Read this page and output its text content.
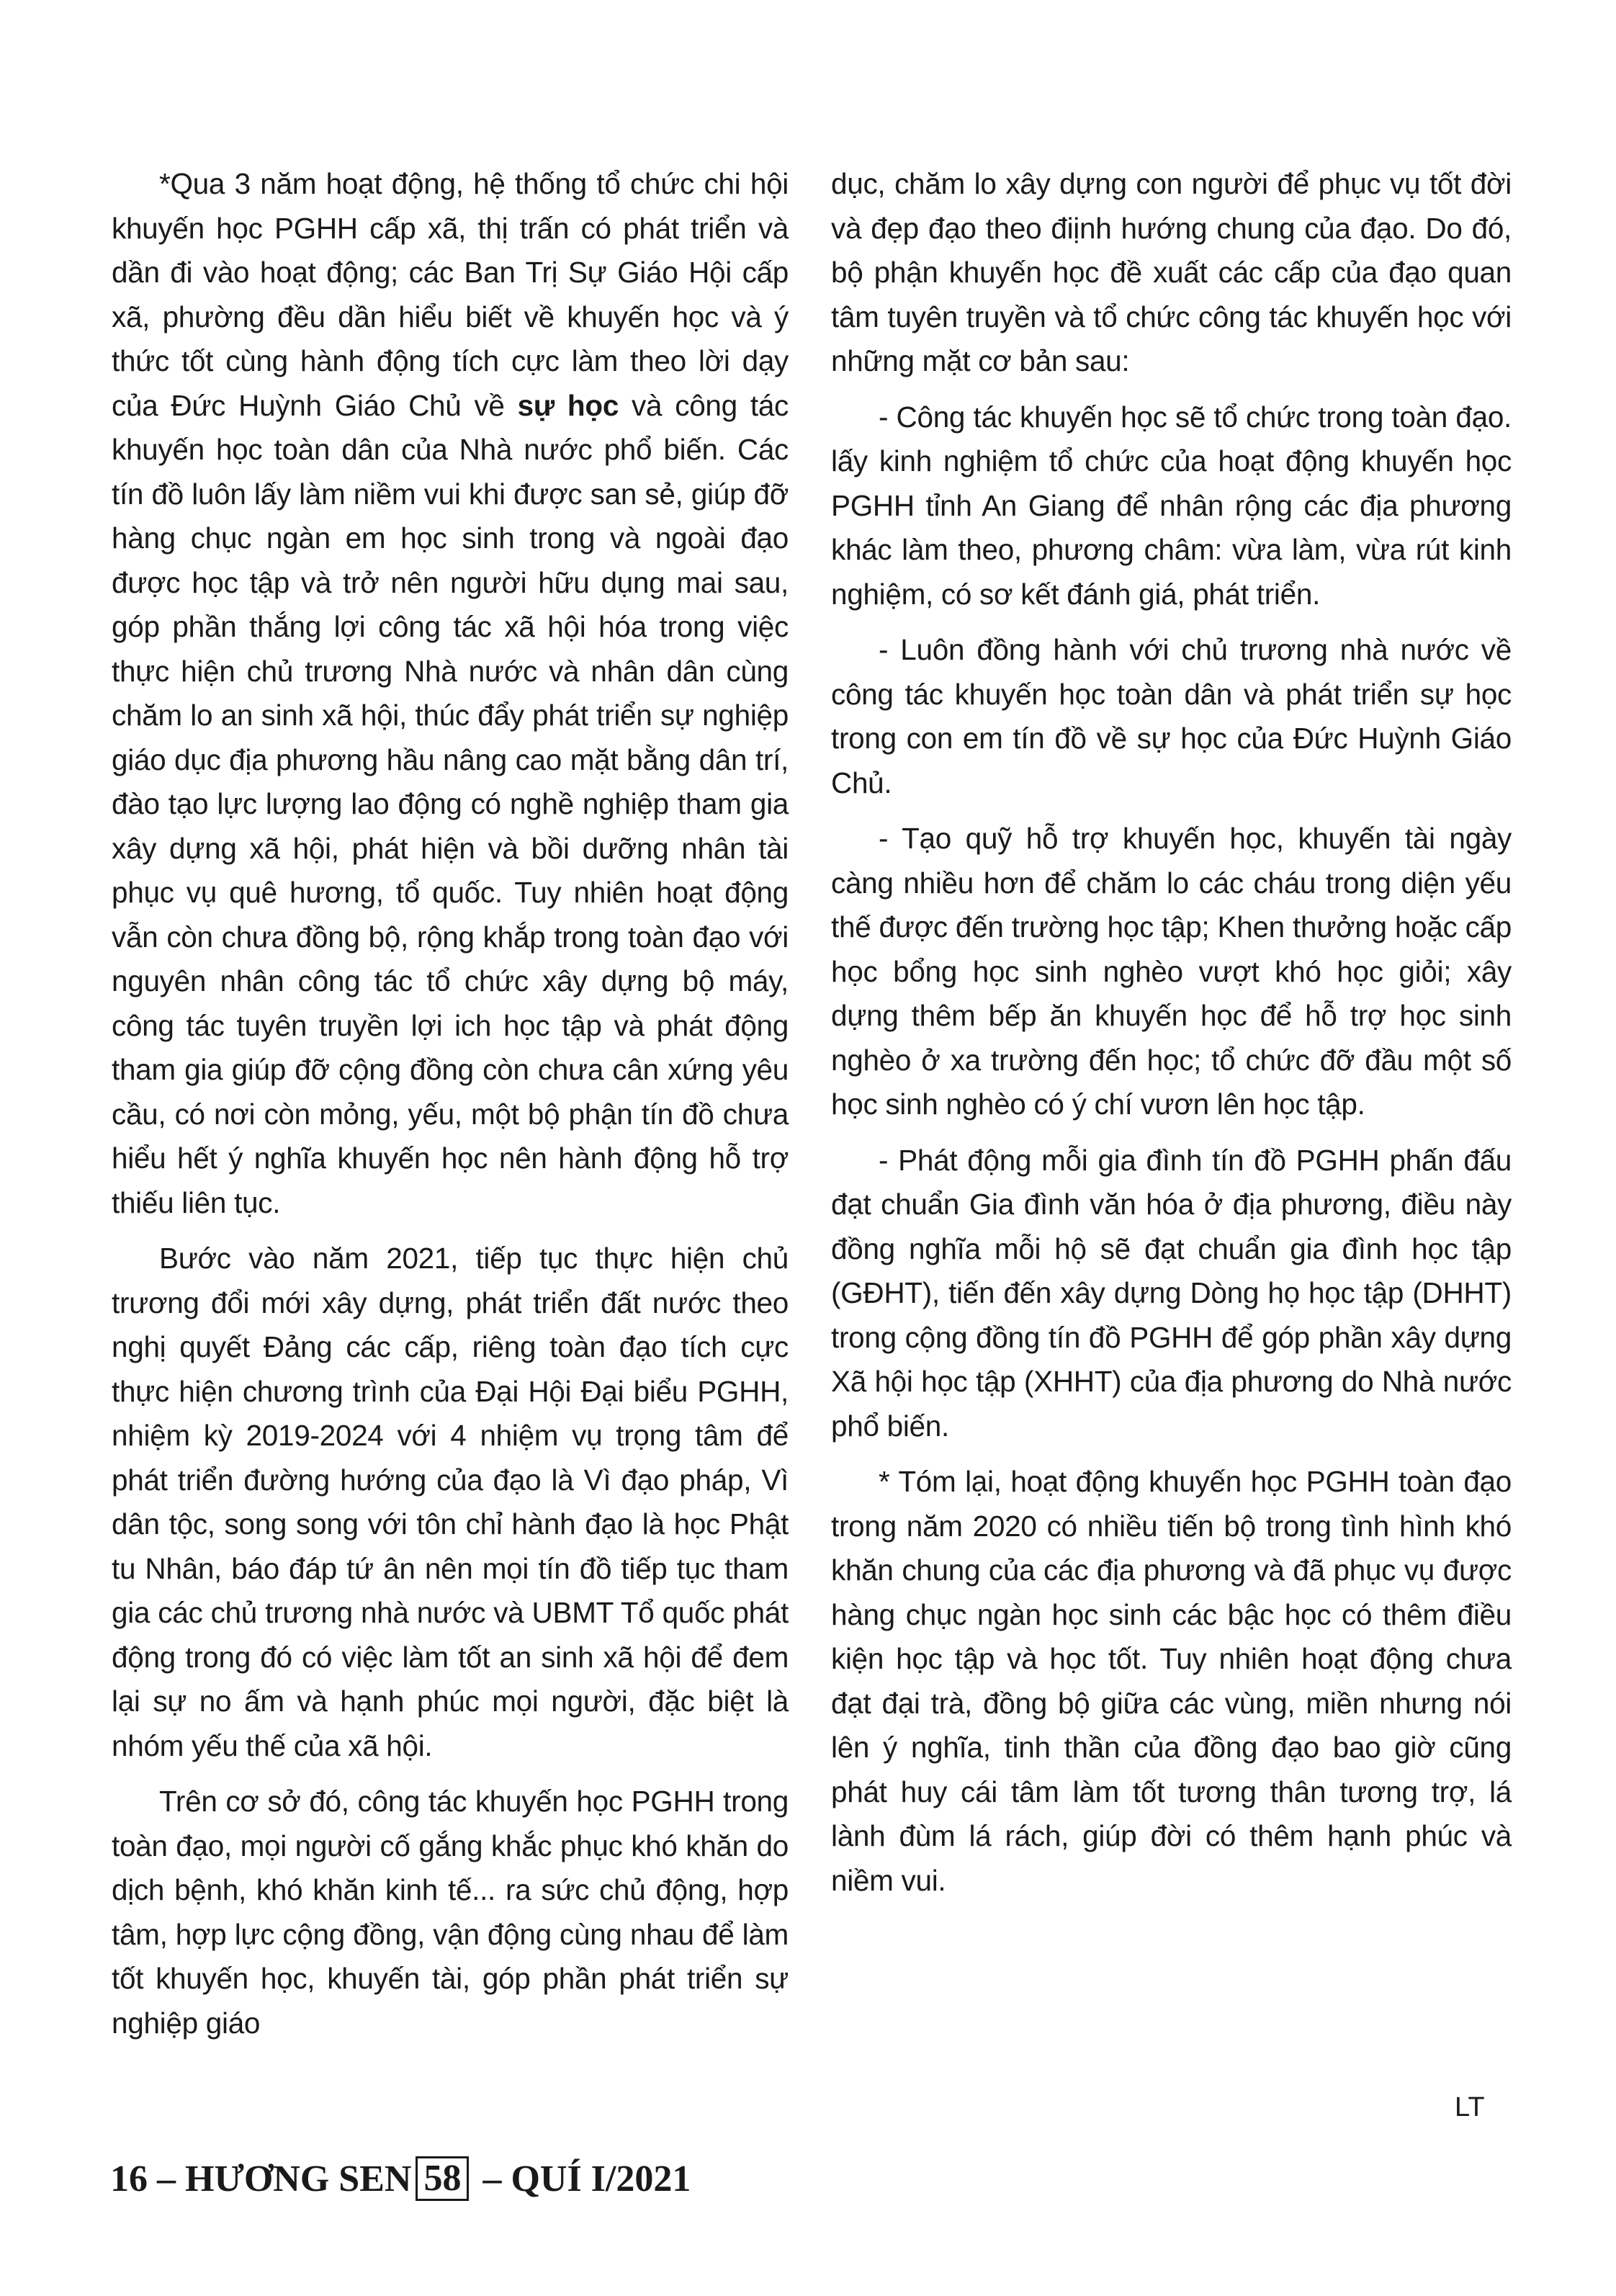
*Qua 3 năm hoạt động, hệ thống tổ chức chi hội khuyến học PGHH cấp xã, thị trấn có phát triển và dần đi vào hoạt động; các Ban Trị Sự Giáo Hội cấp xã, phường đều dần hiểu biết về khuyến học và ý thức tốt cùng hành động tích cực làm theo lời dạy của Đức Huỳnh Giáo Chủ về sự học và công tác khuyến học toàn dân của Nhà nước phổ biến. Các tín đồ luôn lấy làm niềm vui khi được san sẻ, giúp đỡ hàng chục ngàn em học sinh trong và ngoài đạo được học tập và trở nên người hữu dụng mai sau, góp phần thắng lợi công tác xã hội hóa trong việc thực hiện chủ trương Nhà nước và nhân dân cùng chăm lo an sinh xã hội, thúc đẩy phát triển sự nghiệp giáo dục địa phương hầu nâng cao mặt bằng dân trí, đào tạo lực lượng lao động có nghề nghiệp tham gia xây dựng xã hội, phát hiện và bồi dưỡng nhân tài phục vụ quê hương, tổ quốc. Tuy nhiên hoạt động vẫn còn chưa đồng bộ, rộng khắp trong toàn đạo với nguyên nhân công tác tổ chức xây dựng bộ máy, công tác tuyên truyền lợi ich học tập và phát động tham gia giúp đỡ cộng đồng còn chưa cân xứng yêu cầu, có nơi còn mỏng, yếu, một bộ phận tín đồ chưa hiểu hết ý nghĩa khuyến học nên hành động hỗ trợ thiếu liên tục.

Bước vào năm 2021, tiếp tục thực hiện chủ trương đổi mới xây dựng, phát triển đất nước theo nghị quyết Đảng các cấp, riêng toàn đạo tích cực thực hiện chương trình của Đại Hội Đại biểu PGHH, nhiệm kỳ 2019-2024 với 4 nhiệm vụ trọng tâm để phát triển đường hướng của đạo là Vì đạo pháp, Vì dân tộc, song song với tôn chỉ hành đạo là học Phật tu Nhân, báo đáp tứ ân nên mọi tín đồ tiếp tục tham gia các chủ trương nhà nước và UBMT Tổ quốc phát động trong đó có việc làm tốt an sinh xã hội để đem lại sự no ấm và hạnh phúc mọi người, đặc biệt là nhóm yếu thế của xã hội.

Trên cơ sở đó, công tác khuyến học PGHH trong toàn đạo, mọi người cố gắng khắc phục khó khăn do dịch bệnh, khó khăn kinh tế... ra sức chủ động, hợp tâm, hợp lực cộng đồng, vận động cùng nhau để làm tốt khuyến học, khuyến tài, góp phần phát triển sự nghiệp giáo

dục, chăm lo xây dựng con người để phục vụ tốt đời và đẹp đạo theo điịnh hướng chung của đạo. Do đó, bộ phận khuyến học đề xuất các cấp của đạo quan tâm tuyên truyền và tổ chức công tác khuyến học với những mặt cơ bản sau:

- Công tác khuyến học sẽ tổ chức trong toàn đạo. lấy kinh nghiệm tổ chức của hoạt động khuyến học PGHH tỉnh An Giang để nhân rộng các địa phương khác làm theo, phương châm: vừa làm, vừa rút kinh nghiệm, có sơ kết đánh giá, phát triển.

- Luôn đồng hành với chủ trương nhà nước về công tác khuyến học toàn dân và phát triển sự học trong con em tín đồ về sự học của Đức Huỳnh Giáo Chủ.

- Tạo quỹ hỗ trợ khuyến học, khuyến tài ngày càng nhiều hơn để chăm lo các cháu trong diện yếu thế được đến trường học tập; Khen thưởng hoặc cấp học bổng học sinh nghèo vượt khó học giỏi; xây dựng thêm bếp ăn khuyến học để hỗ trợ học sinh nghèo ở xa trường đến học; tổ chức đỡ đầu một số học sinh nghèo có ý chí vươn lên học tập.

- Phát động mỗi gia đình tín đồ PGHH phấn đấu đạt chuẩn Gia đình văn hóa ở địa phương, điều này đồng nghĩa mỗi hộ sẽ đạt chuẩn gia đình học tập (GĐHT), tiến đến xây dựng Dòng họ học tập (DHHT) trong cộng đồng tín đồ PGHH để góp phần xây dựng Xã hội học tập (XHHT) của địa phương do Nhà nước phổ biến.

* Tóm lại, hoạt động khuyến học PGHH toàn đạo trong năm 2020 có nhiều tiến bộ trong tình hình khó khăn chung của các địa phương và đã phục vụ được hàng chục ngàn học sinh các bậc học có thêm điều kiện học tập và học tốt. Tuy nhiên hoạt động chưa đạt đại trà, đồng bộ giữa các vùng, miền nhưng nói lên ý nghĩa, tinh thần của đồng đạo bao giờ cũng phát huy cái tâm làm tốt tương thân tương trợ, lá lành đùm lá rách, giúp đời có thêm hạnh phúc và niềm vui.

LT
16 – HƯƠNG SEN 58 – QUÍ I/2021
